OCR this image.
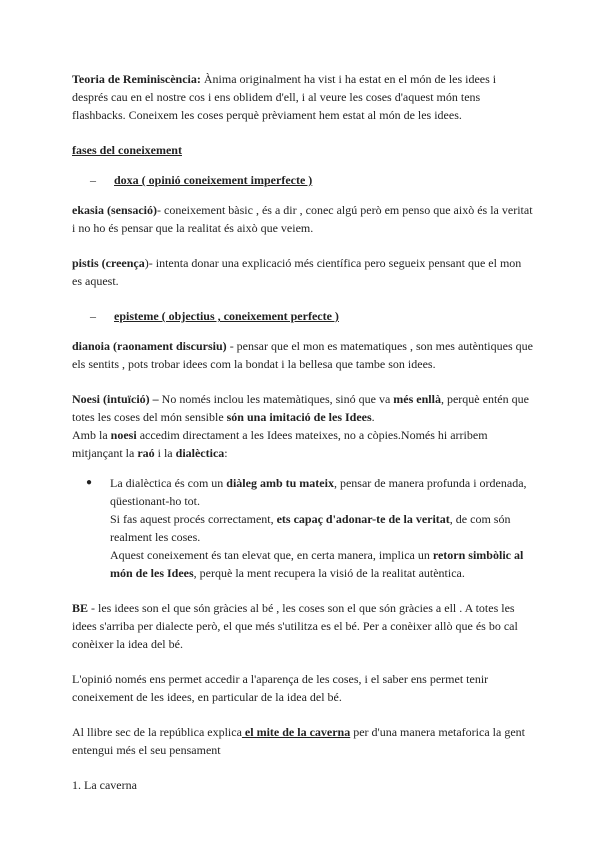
Teoria de Reminiscència: Ànima originalment ha vist i ha estat en el món de les idees i després cau en el nostre cos i ens oblidem d'ell, i al veure les coses d'aquest món tens flashbacks. Coneixem les coses perquè prèviament hem estat al món de les idees.

fases del coneixement

–	doxa ( opinió coneixement imperfecte )

ekasia (sensació)- coneixement bàsic , és a dir , conec algú però em penso que això és la veritat i no ho és pensar que la realitat és això que veiem.

pistis (creença)- intenta donar una explicació més científica pero segueix pensant que el mon es aquest.

–	episteme ( objectius , coneixement perfecte )

dianoia (raonament discursiu) - pensar que el mon es matematiques , son mes autèntiques que els sentits , pots trobar idees com la bondat i la bellesa que tambe son idees.

Noesi (intuïció) – No només inclou les matemàtiques, sinó que va més enllà, perquè entén que totes les coses del món sensible són una imitació de les Idees.

Amb la noesi accedim directament a les Idees mateixes, no a còpies.Només hi arribem mitjançant la raó i la dialèctica:

●	La dialèctica és com un diàleg amb tu mateix, pensar de manera profunda i ordenada, qüestionant-ho tot.

Si fas aquest procés correctament, ets capaç d'adonar-te de la veritat, de com són realment les coses.

Aquest coneixement és tan elevat que, en certa manera, implica un retorn simbòlic al món de les Idees, perquè la ment recupera la visió de la realitat autèntica.

BE - les idees son el que són gràcies al bé , les coses son el que són gràcies a ell . A totes les idees s'arriba per dialecte però, el que més s'utilitza es el bé. Per a conèixer allò que és bo cal conèixer la idea del bé.

L'opinió només ens permet accedir a l'aparença de les coses, i el saber ens permet tenir coneixement de les idees, en particular de la idea del bé.

Al llibre sec de la república explica el mite de la caverna per d'una manera metaforica la gent entengui més el seu pensament

1. La caverna
